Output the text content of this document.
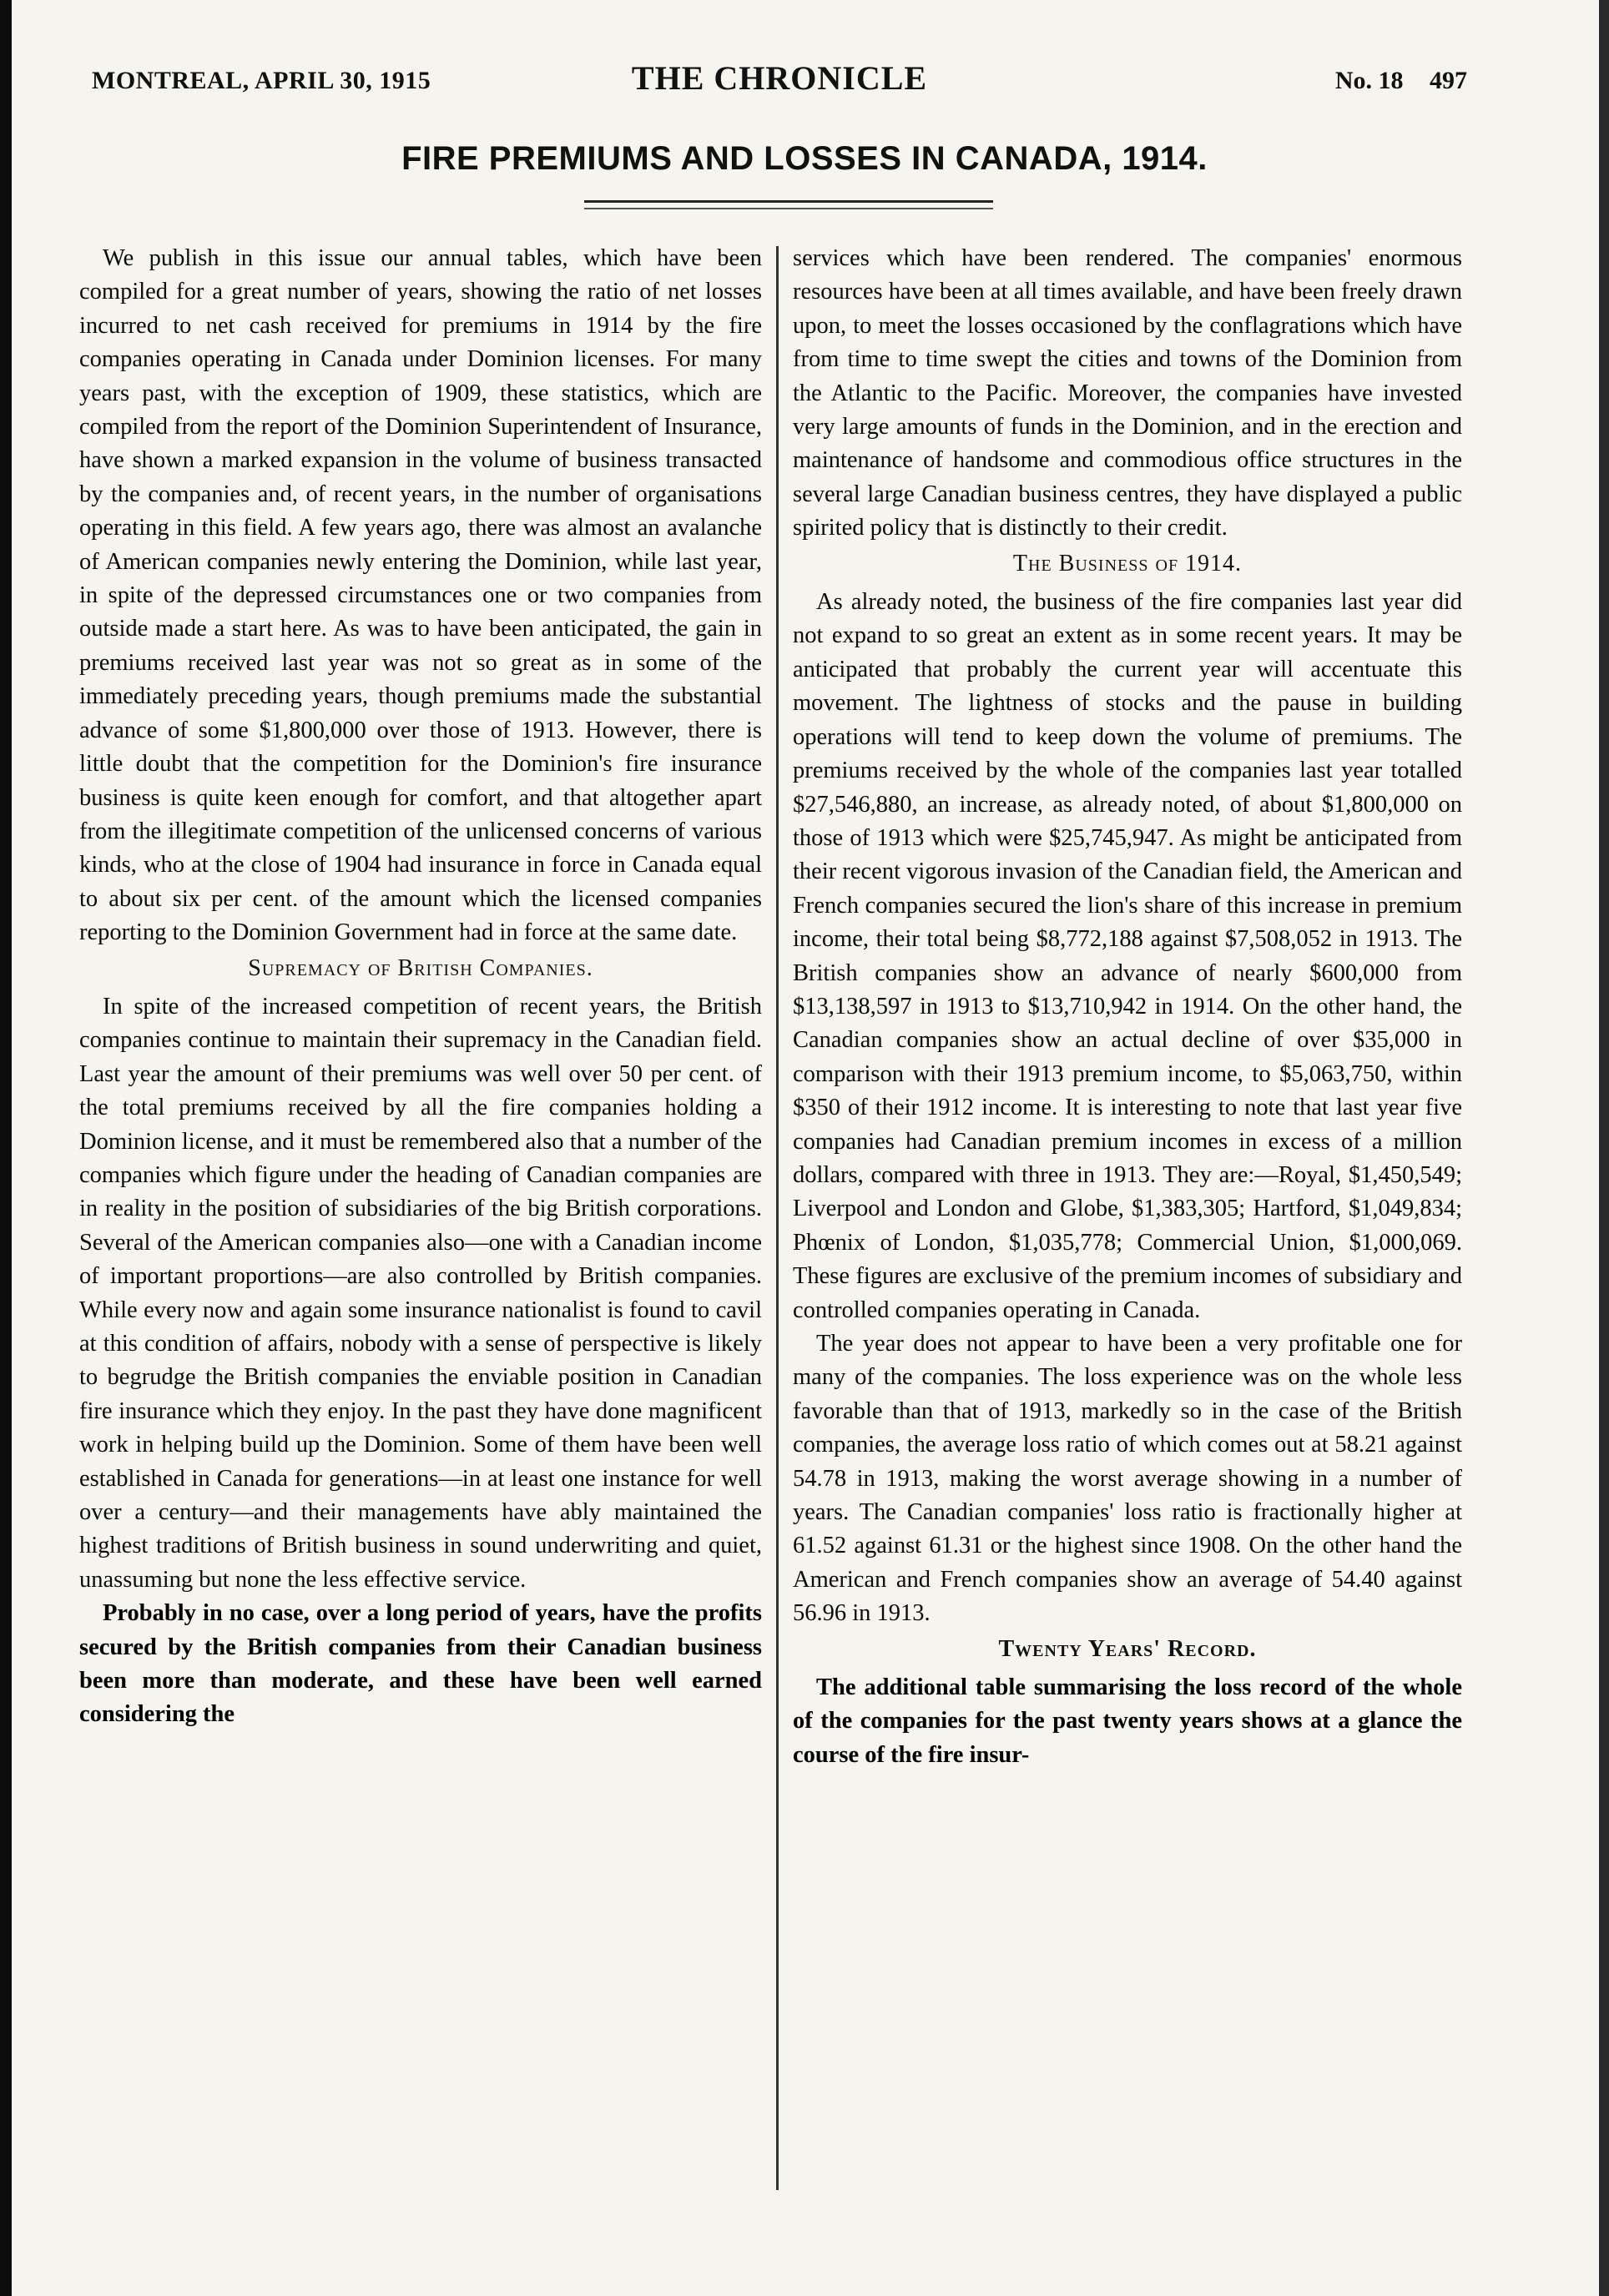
MONTREAL, APRIL 30, 1915	THE CHRONICLE	No. 18 497
FIRE PREMIUMS AND LOSSES IN CANADA, 1914.

We publish in this issue our annual tables, which have been compiled for a great number of years, showing the ratio of net losses incurred to net cash received for premiums in 1914 by the fire companies operating in Canada under Dominion licenses. For many years past, with the exception of 1909, these statistics, which are compiled from the report of the Dominion Superintendent of Insurance, have shown a marked expansion in the volume of business transacted by the companies and, of recent years, in the number of organisations operating in this field. A few years ago, there was almost an avalanche of American companies newly entering the Dominion, while last year, in spite of the depressed circumstances one or two companies from outside made a start here. As was to have been anticipated, the gain in premiums received last year was not so great as in some of the immediately preceding years, though premiums made the substantial advance of some $1,800,000 over those of 1913. However, there is little doubt that the competition for the Dominion's fire insurance business is quite keen enough for comfort, and that altogether apart from the illegitimate competition of the unlicensed concerns of various kinds, who at the close of 1904 had insurance in force in Canada equal to about six per cent. of the amount which the licensed companies reporting to the Dominion Government had in force at the same date.

Supremacy of British Companies.

In spite of the increased competition of recent years, the British companies continue to maintain their supremacy in the Canadian field. Last year the amount of their premiums was well over 50 per cent. of the total premiums received by all the fire companies holding a Dominion license, and it must be remembered also that a number of the companies which figure under the heading of Canadian companies are in reality in the position of subsidiaries of the big British corporations. Several of the American companies also—one with a Canadian income of important proportions—are also controlled by British companies. While every now and again some insurance nationalist is found to cavil at this condition of affairs, nobody with a sense of perspective is likely to begrudge the British companies the enviable position in Canadian fire insurance which they enjoy. In the past they have done magnificent work in helping build up the Dominion. Some of them have been well established in Canada for generations—in at least one instance for well over a century—and their managements have ably maintained the highest traditions of British business in sound underwriting and quiet, unassuming but none the less effective service.

Probably in no case, over a long period of years, have the profits secured by the British companies from their Canadian business been more than moderate, and these have been well earned considering the

services which have been rendered. The companies' enormous resources have been at all times available, and have been freely drawn upon, to meet the losses occasioned by the conflagrations which have from time to time swept the cities and towns of the Dominion from the Atlantic to the Pacific. Moreover, the companies have invested very large amounts of funds in the Dominion, and in the erection and maintenance of handsome and commodious office structures in the several large Canadian business centres, they have displayed a public spirited policy that is distinctly to their credit.

The Business of 1914.

As already noted, the business of the fire companies last year did not expand to so great an extent as in some recent years. It may be anticipated that probably the current year will accentuate this movement. The lightness of stocks and the pause in building operations will tend to keep down the volume of premiums. The premiums received by the whole of the companies last year totalled $27,546,880, an increase, as already noted, of about $1,800,000 on those of 1913 which were $25,745,947. As might be anticipated from their recent vigorous invasion of the Canadian field, the American and French companies secured the lion's share of this increase in premium income, their total being $8,772,188 against $7,508,052 in 1913. The British companies show an advance of nearly $600,000 from $13,138,597 in 1913 to $13,710,942 in 1914. On the other hand, the Canadian companies show an actual decline of over $35,000 in comparison with their 1913 premium income, to $5,063,750, within $350 of their 1912 income. It is interesting to note that last year five companies had Canadian premium incomes in excess of a million dollars, compared with three in 1913. They are:—Royal, $1,450,549; Liverpool and London and Globe, $1,383,305; Hartford, $1,049,834; Phœnix of London, $1,035,778; Commercial Union, $1,000,069. These figures are exclusive of the premium incomes of subsidiary and controlled companies operating in Canada.

The year does not appear to have been a very profitable one for many of the companies. The loss experience was on the whole less favorable than that of 1913, markedly so in the case of the British companies, the average loss ratio of which comes out at 58.21 against 54.78 in 1913, making the worst average showing in a number of years. The Canadian companies' loss ratio is fractionally higher at 61.52 against 61.31 or the highest since 1908. On the other hand the American and French companies show an average of 54.40 against 56.96 in 1913.

Twenty Years' Record.

The additional table summarising the loss record of the whole of the companies for the past twenty years shows at a glance the course of the fire insur-
